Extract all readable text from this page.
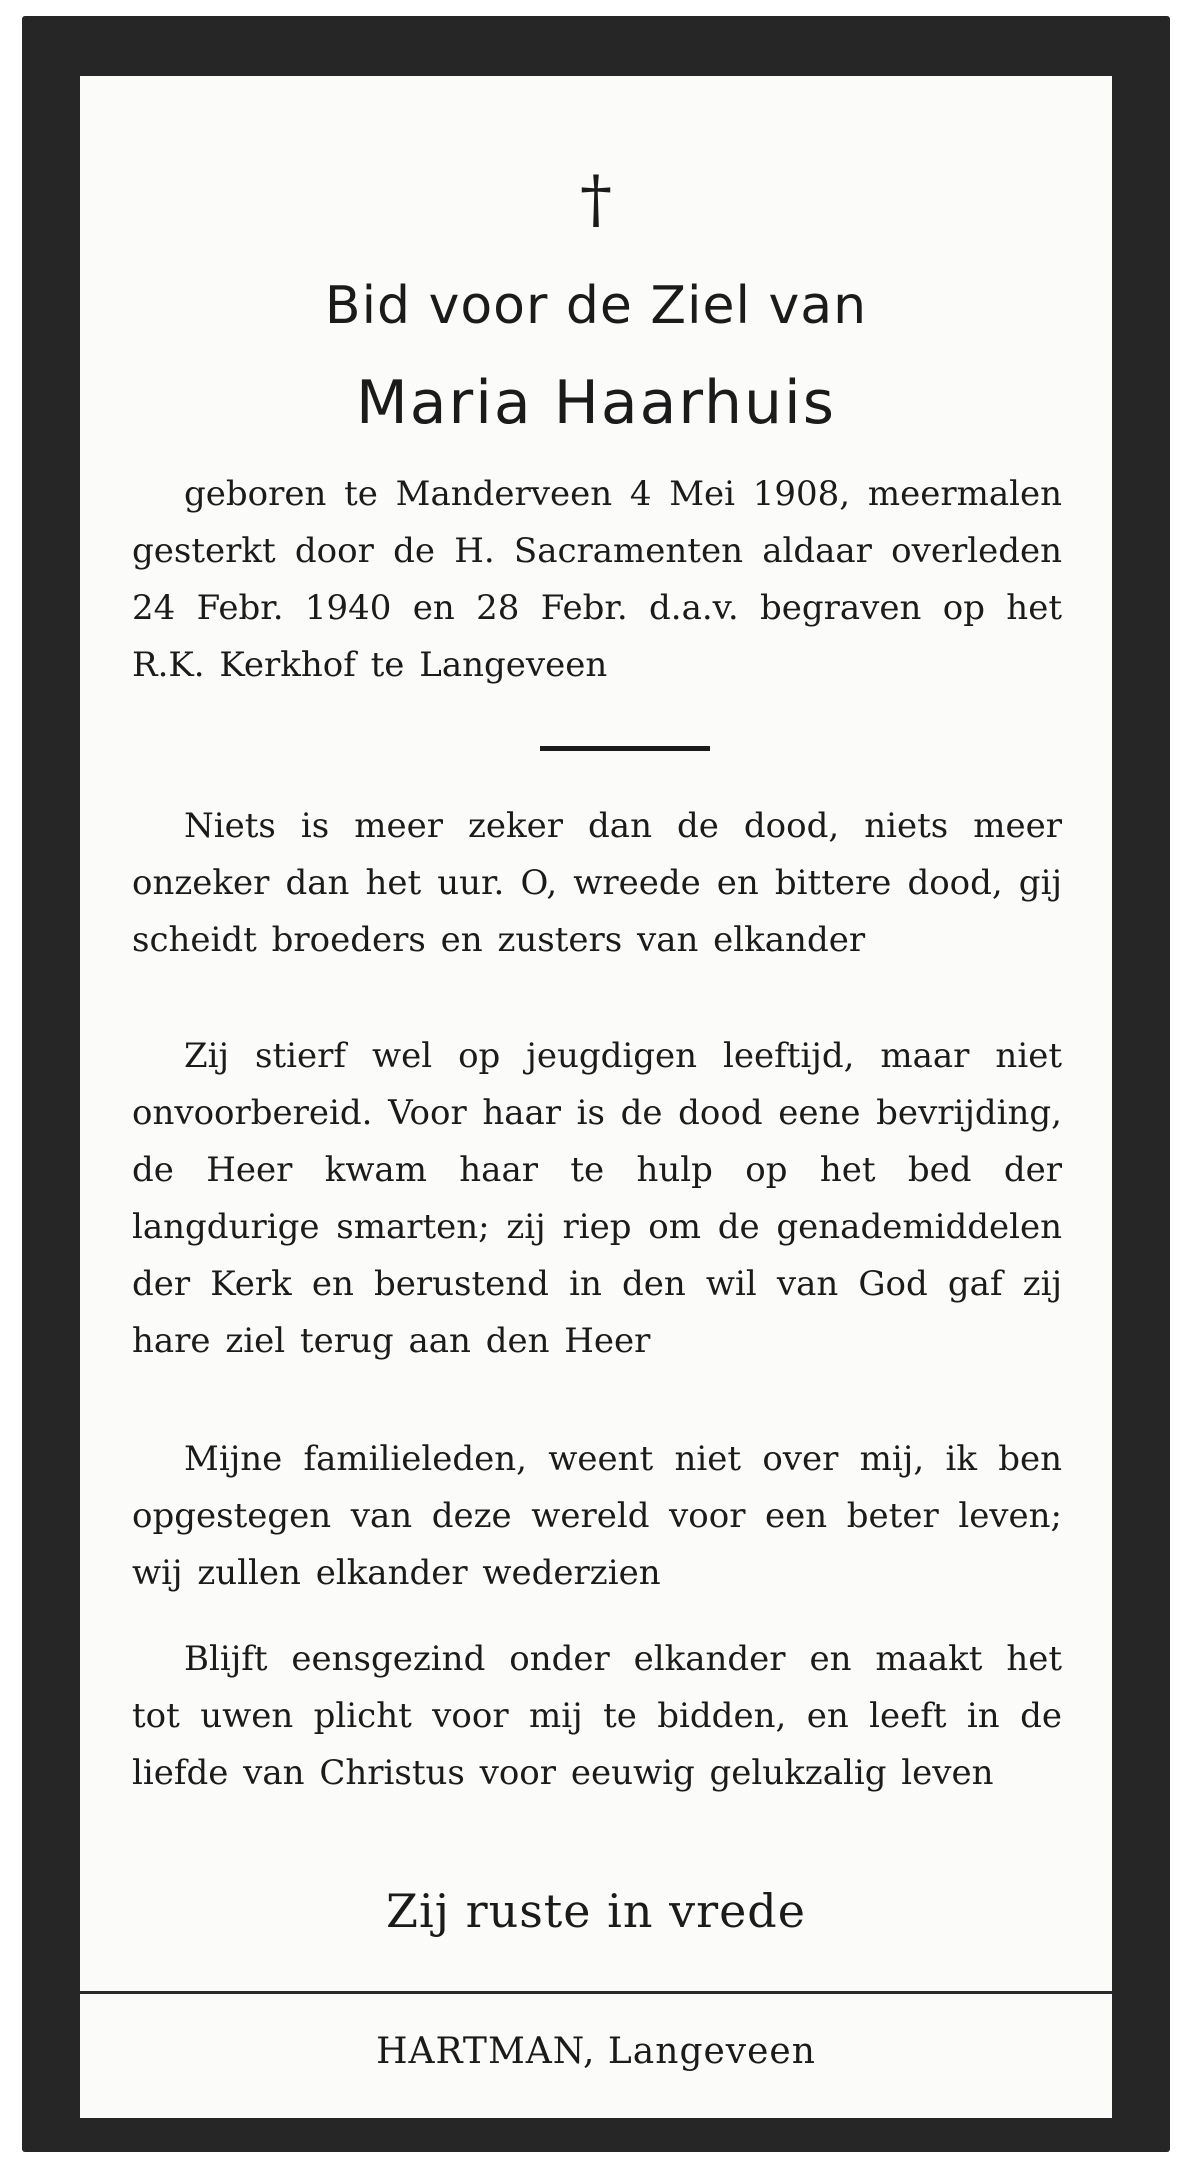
†
Bid voor de Ziel van
Maria Haarhuis

geboren te Manderveen 4 Mei 1908, meermalen gesterkt door de H. Sacramenten aldaar overleden 24 Febr. 1940 en 28 Febr. d.a.v. begraven op het R.K. Kerkhof te Langeveen

Niets is meer zeker dan de dood, niets meer onzeker dan het uur. O, wreede en bittere dood, gij scheidt broeders en zusters van elkander

Zij stierf wel op jeugdigen leeftijd, maar niet onvoorbereid. Voor haar is de dood eene bevrijding, de Heer kwam haar te hulp op het bed der langdurige smarten; zij riep om de genademiddelen der Kerk en berustend in den wil van God gaf zij hare ziel terug aan den Heer

Mijne familieleden, weent niet over mij, ik ben opgestegen van deze wereld voor een beter leven; wij zullen elkander wederzien

Blijft eensgezind onder elkander en maakt het tot uwen plicht voor mij te bidden, en leeft in de liefde van Christus voor eeuwig gelukzalig leven

Zij ruste in vrede
HARTMAN, Langeveen
